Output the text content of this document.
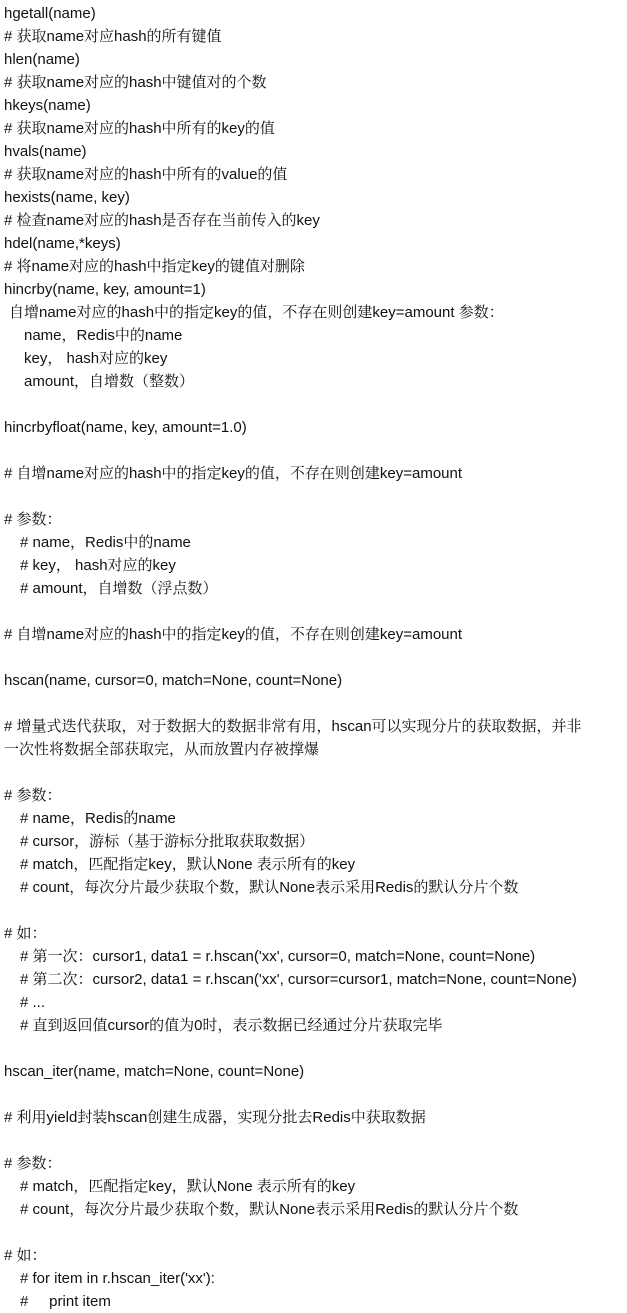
hgetall(name)
# 获取name对应hash的所有键值
hlen(name)
# 获取name对应的hash中键值对的个数
hkeys(name)
# 获取name对应的hash中所有的key的值
hvals(name)
# 获取name对应的hash中所有的value的值
hexists(name, key)
# 检查name对应的hash是否存在当前传入的key
hdel(name,*keys)
# 将name对应的hash中指定key的键值对删除
hincrby(name, key, amount=1)
自增name对应的hash中的指定key的值，不存在则创建key=amount 参数：
name，Redis中的name
key， hash对应的key
amount，自增数（整数）
hincrbyfloat(name, key, amount=1.0)
# 自增name对应的hash中的指定key的值，不存在则创建key=amount
# 参数：
# name，Redis中的name
# key， hash对应的key
# amount，自增数（浮点数）
# 自增name对应的hash中的指定key的值，不存在则创建key=amount
hscan(name, cursor=0, match=None, count=None)
# 增量式迭代获取，对于数据大的数据非常有用，hscan可以实现分片的获取数据，并非
一次性将数据全部获取完，从而放置内存被撑爆
# 参数：
# name，Redis的name
# cursor，游标（基于游标分批取获取数据）
# match，匹配指定key，默认None 表示所有的key
# count，每次分片最少获取个数，默认None表示采用Redis的默认分片个数
# 如：
# 第一次：cursor1, data1 = r.hscan('xx', cursor=0, match=None, count=None)
# 第二次：cursor2, data1 = r.hscan('xx', cursor=cursor1, match=None, count=None)
# ...
# 直到返回值cursor的值为0时，表示数据已经通过分片获取完毕
hscan_iter(name, match=None, count=None)
# 利用yield封装hscan创建生成器，实现分批去Redis中获取数据
# 参数：
# match，匹配指定key，默认None 表示所有的key
# count，每次分片最少获取个数，默认None表示采用Redis的默认分片个数
# 如：
# for item in r.hscan_iter('xx'):
#     print item
